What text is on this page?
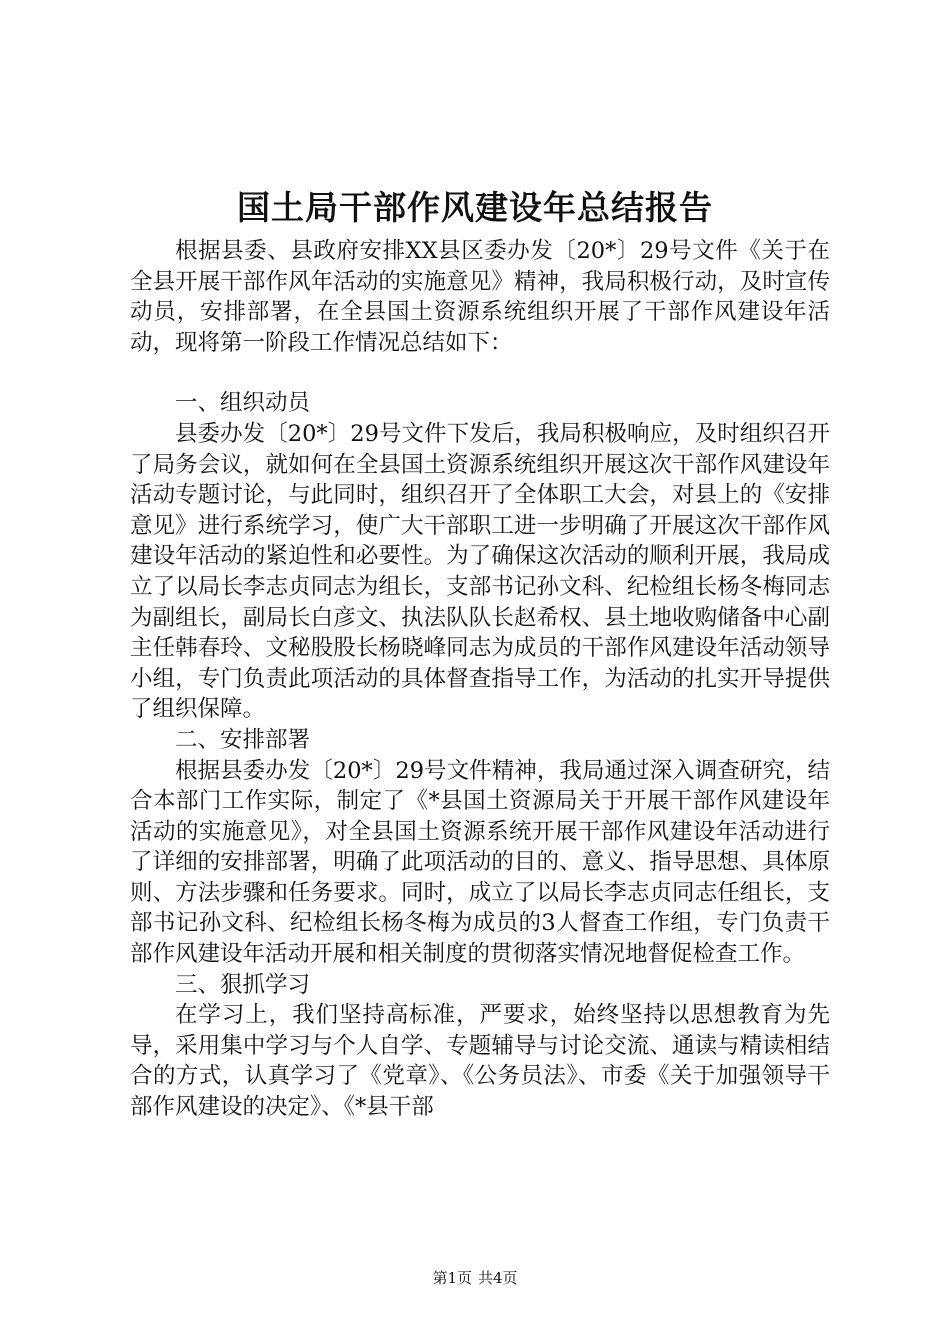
国土局干部作风建设年总结报告

根据县委、县政府安排XX县区委办发〔20*〕29号文件《关于在全县开展干部作风年活动的实施意见》精神，我局积极行动，及时宣传动员，安排部署，在全县国土资源系统组织开展了干部作风建设年活动，现将第一阶段工作情况总结如下：

一、组织动员

县委办发〔20*〕29号文件下发后，我局积极响应，及时组织召开了局务会议，就如何在全县国土资源系统组织开展这次干部作风建设年活动专题讨论，与此同时，组织召开了全体职工大会，对县上的《安排意见》进行系统学习，使广大干部职工进一步明确了开展这次干部作风建设年活动的紧迫性和必要性。为了确保这次活动的顺利开展，我局成立了以局长李志贞同志为组长，支部书记孙文科、纪检组长杨冬梅同志为副组长，副局长白彦文、执法队队长赵希权、县土地收购储备中心副主任韩春玲、文秘股股长杨晓峰同志为成员的干部作风建设年活动领导小组，专门负责此项活动的具体督查指导工作，为活动的扎实开导提供了组织保障。

二、安排部署

根据县委办发〔20*〕29号文件精神，我局通过深入调查研究，结合本部门工作实际，制定了《*县国土资源局关于开展干部作风建设年活动的实施意见》，对全县国土资源系统开展干部作风建设年活动进行了详细的安排部署，明确了此项活动的目的、意义、指导思想、具体原则、方法步骤和任务要求。同时，成立了以局长李志贞同志任组长，支部书记孙文科、纪检组长杨冬梅为成员的3人督查工作组，专门负责干部作风建设年活动开展和相关制度的贯彻落实情况地督促检查工作。

三、狠抓学习

在学习上，我们坚持高标准，严要求，始终坚持以思想教育为先导，采用集中学习与个人自学、专题辅导与讨论交流、通读与精读相结合的方式，认真学习了《党章》、《公务员法》、市委《关于加强领导干部作风建设的决定》、《*县干部

第1页 共4页
